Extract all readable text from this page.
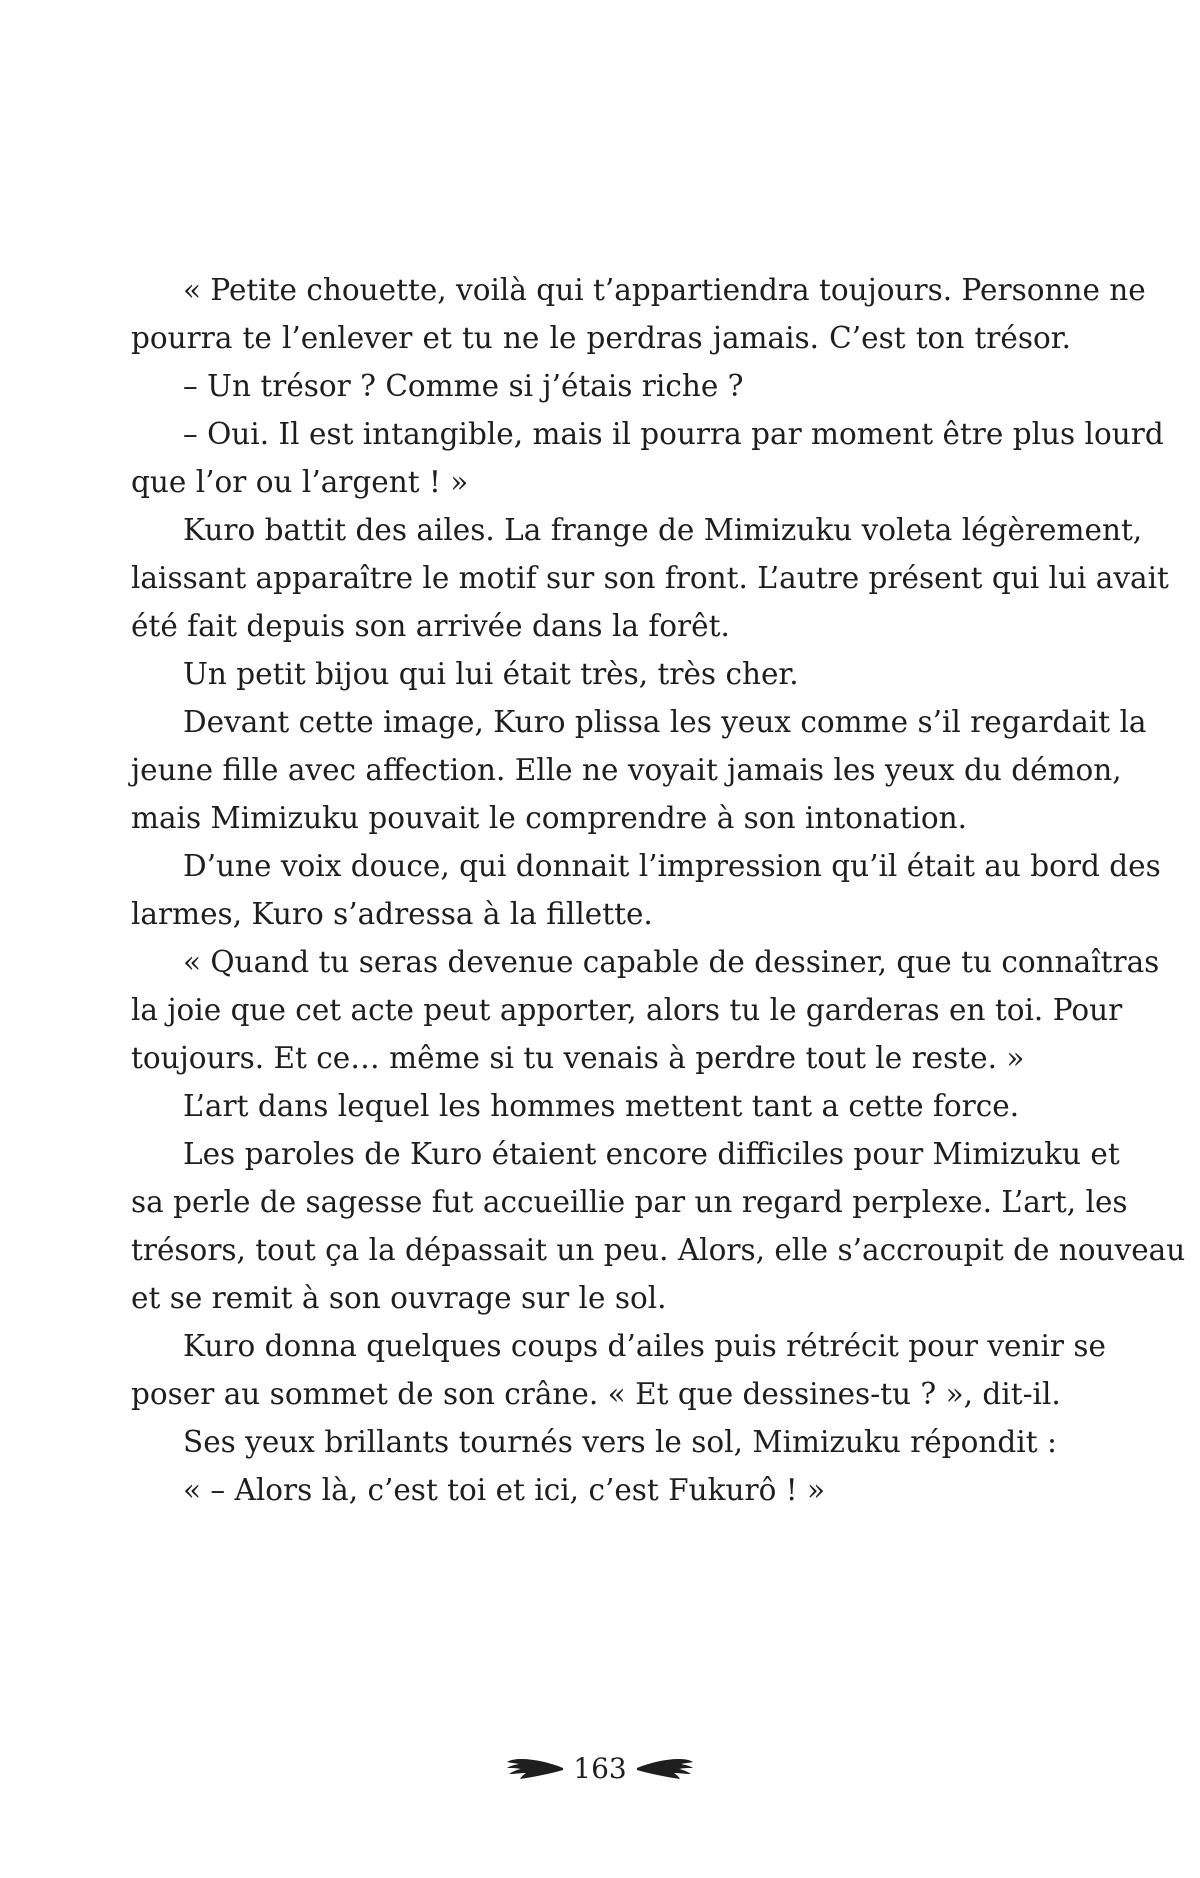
« Petite chouette, voilà qui t’appartiendra toujours. Personne ne

pourra te l’enlever et tu ne le perdras jamais. C’est ton trésor.

– Un trésor ? Comme si j’étais riche ?

– Oui. Il est intangible, mais il pourra par moment être plus lourd

que l’or ou l’argent ! »

Kuro battit des ailes. La frange de Mimizuku voleta légèrement,

laissant apparaître le motif sur son front. L’autre présent qui lui avait

été fait depuis son arrivée dans la forêt.

Un petit bijou qui lui était très, très cher.

Devant cette image, Kuro plissa les yeux comme s’il regardait la

jeune fille avec affection. Elle ne voyait jamais les yeux du démon,

mais Mimizuku pouvait le comprendre à son intonation.

D’une voix douce, qui donnait l’impression qu’il était au bord des

larmes, Kuro s’adressa à la fillette.

« Quand tu seras devenue capable de dessiner, que tu connaîtras

la joie que cet acte peut apporter, alors tu le garderas en toi. Pour

toujours. Et ce… même si tu venais à perdre tout le reste. »

L’art dans lequel les hommes mettent tant a cette force.

Les paroles de Kuro étaient encore difficiles pour Mimizuku et

sa perle de sagesse fut accueillie par un regard perplexe. L’art, les

trésors, tout ça la dépassait un peu. Alors, elle s’accroupit de nouveau

et se remit à son ouvrage sur le sol.

Kuro donna quelques coups d’ailes puis rétrécit pour venir se

poser au sommet de son crâne. « Et que dessines-tu ? », dit-il.

Ses yeux brillants tournés vers le sol, Mimizuku répondit :

« – Alors là, c’est toi et ici, c’est Fukurô ! »

163
